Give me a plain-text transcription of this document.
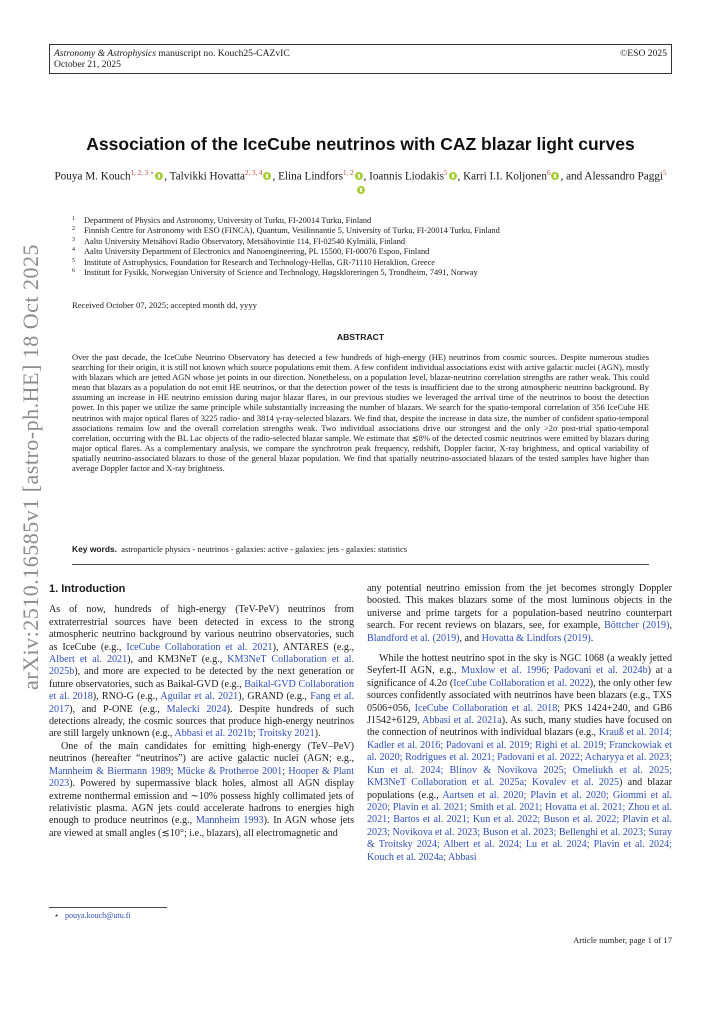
Astronomy & Astrophysics manuscript no. Kouch25-CAZvIC
October 21, 2025
©ESO 2025
arXiv:2510.16585v1 [astro-ph.HE] 18 Oct 2025
Association of the IceCube neutrinos with CAZ blazar light curves
Pouya M. Kouch$^{1, 2, 3 ⋆}$ , Talvikki Hovatta$^{2, 3, 4}$ , Elina Lindfors$^{1, 2}$ , Ioannis Liodakis$^5$ , Karri I.I. Koljonen$^6$ , and Alessandro Paggi$^5$
1 Department of Physics and Astronomy, University of Turku, FI-20014 Turku, Finland
2 Finnish Centre for Astronomy with ESO (FINCA), Quantum, Vesilinnantie 5, University of Turku, FI-20014 Turku, Finland
3 Aalto University Metsähovi Radio Observatory, Metsähovintie 114, FI-02540 Kylmälä, Finland
4 Aalto University Department of Electronics and Nanoengineering, PL 15500, FI-00076 Espoo, Finland
5 Institute of Astrophysics, Foundation for Research and Technology-Hellas, GR-71110 Heraklion, Greece
6 Institutt for Fysikk, Norwegian University of Science and Technology, Høgskloreringen 5, Trondheim, 7491, Norway
Received October 07, 2025; accepted month dd, yyyy
ABSTRACT
Over the past decade, the IceCube Neutrino Observatory has detected a few hundreds of high-energy (HE) neutrinos from cosmic sources. Despite numerous studies searching for their origin, it is still not known which source populations emit them. A few confident individual associations exist with active galactic nuclei (AGN), mostly with blazars which are jetted AGN whose jet points in our direction. Nonetheless, on a population level, blazar-neutrino correlation strengths are rather weak. This could mean that blazars as a population do not emit HE neutrinos, or that the detection power of the tests is insufficient due to the strong atmospheric neutrino background. By assuming an increase in HE neutrino emission during major blazar flares, in our previous studies we leveraged the arrival time of the neutrinos to boost the detection power. In this paper we utilize the same principle while substantially increasing the number of blazars. We search for the spatio-temporal correlation of 356 IceCube HE neutrinos with major optical flares of 3225 radio- and 3814 γ-ray-selected blazars. We find that, despite the increase in data size, the number of confident spatio-temporal associations remains low and the overall correlation strengths weak. Two individual associations drive our strongest and the only >2σ post-trial spatio-temporal correlation, occurring with the BL Lac objects of the radio-selected blazar sample. We estimate that ≲8% of the detected cosmic neutrinos were emitted by blazars during major optical flares. As a complementary analysis, we compare the synchrotron peak frequency, redshift, Doppler factor, X-ray brightness, and optical variability of spatially neutrino-associated blazars to those of the general blazar population. We find that spatially neutrino-associated blazars of the tested samples have higher than average Doppler factor and X-ray brightness.
Key words. astroparticle physics - neutrinos - galaxies: active - galaxies: jets - galaxies: statistics
1. Introduction

As of now, hundreds of high-energy (TeV-PeV) neutrinos from extraterrestrial sources have been detected in excess to the strong atmospheric neutrino background by various neutrino observatories, such as IceCube (e.g., IceCube Collaboration et al. 2021), ANTARES (e.g., Albert et al. 2021), and KM3NeT (e.g., KM3NeT Collaboration et al. 2025b), and more are expected to be detected by the next generation or future observatories, such as Baikal-GVD (e.g., Baikal-GVD Collaboration et al. 2018), RNO-G (e.g., Aguilar et al. 2021), GRAND (e.g., Fang et al. 2017), and P-ONE (e.g., Malecki 2024). Despite hundreds of such detections already, the cosmic sources that produce high-energy neutrinos are still largely unknown (e.g., Abbasi et al. 2021b; Troitsky 2021).

One of the main candidates for emitting high-energy (TeV–PeV) neutrinos (hereafter “neutrinos”) are active galactic nuclei (AGN; e.g., Mannheim & Biermann 1989; Mücke & Protheroe 2001; Hooper & Plant 2023). Powered by supermassive black holes, almost all AGN display extreme nonthermal emission and ∼10% possess highly collimated jets of relativistic plasma. AGN jets could accelerate hadrons to energies high enough to produce neutrinos (e.g., Mannheim 1993). In AGN whose jets are viewed at small angles (≲10°; i.e., blazars), all electromagnetic and

any potential neutrino emission from the jet becomes strongly Doppler boosted. This makes blazars some of the most luminous objects in the universe and prime targets for a population-based neutrino counterpart search. For recent reviews on blazars, see, for example, Böttcher (2019), Blandford et al. (2019), and Hovatta & Lindfors (2019).

While the hottest neutrino spot in the sky is NGC 1068 (a weakly jetted Seyfert-II AGN, e.g., Muxlow et al. 1996; Padovani et al. 2024b) at a significance of 4.2σ (IceCube Collaboration et al. 2022), the only other few sources confidently associated with neutrinos have been blazars (e.g., TXS 0506+056, IceCube Collaboration et al. 2018; PKS 1424+240, and GB6 J1542+6129, Abbasi et al. 2021a). As such, many studies have focused on the connection of neutrinos with individual blazars (e.g., Krauß et al. 2014; Kadler et al. 2016; Padovani et al. 2019; Righi et al. 2019; Franckowiak et al. 2020; Rodrigues et al. 2021; Padovani et al. 2022; Acharyya et al. 2023; Kun et al. 2024; Blinov & Novikova 2025; Omeliukh et al. 2025; KM3NeT Collaboration et al. 2025a; Kovalev et al. 2025) and blazar populations (e.g., Aartsen et al. 2020; Plavin et al. 2020; Giommi et al. 2020; Plavin et al. 2021; Smith et al. 2021; Hovatta et al. 2021; Zhou et al. 2021; Bartos et al. 2021; Kun et al. 2022; Buson et al. 2022; Plavin et al. 2023; Novikova et al. 2023; Buson et al. 2023; Bellenghi et al. 2023; Suray & Troitsky 2024; Albert et al. 2024; Lu et al. 2024; Plavin et al. 2024; Kouch et al. 2024a; Abbasi

⋆ pouya.kouch@utu.fi
Article number, page 1 of 17
